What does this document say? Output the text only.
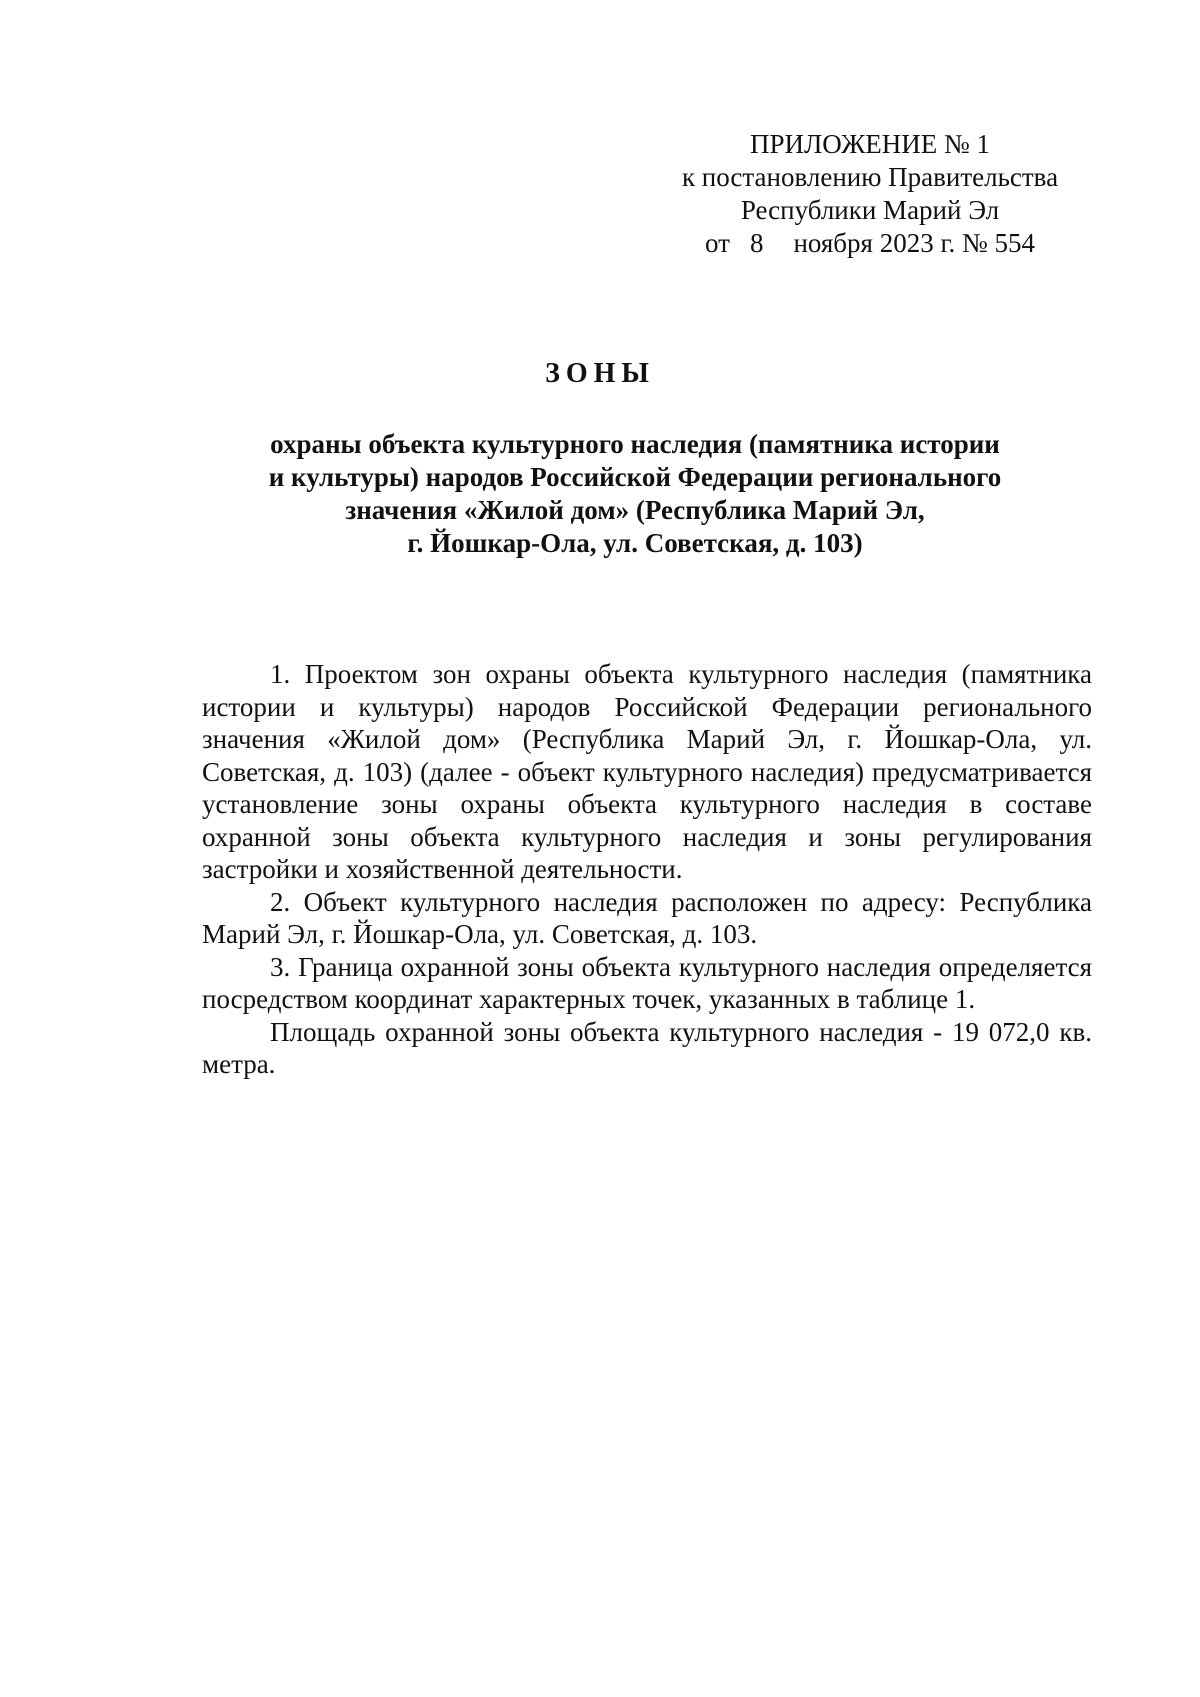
ПРИЛОЖЕНИЕ № 1
к постановлению Правительства
Республики Марий Эл
от 8 ноября 2023 г. № 554
ЗОНЫ
охраны объекта культурного наследия (памятника истории
и культуры) народов Российской Федерации регионального
значения «Жилой дом» (Республика Марий Эл,
г. Йошкар-Ола, ул. Советская, д. 103)

1. Проектом зон охраны объекта культурного наследия (памятника истории и культуры) народов Российской Федерации регионального значения «Жилой дом» (Республика Марий Эл, г. Йошкар-Ола, ул. Советская, д. 103) (далее - объект культурного наследия) предусматривается установление зоны охраны объекта культурного наследия в составе охранной зоны объекта культурного наследия и зоны регулирования застройки и хозяйственной деятельности.

2. Объект культурного наследия расположен по адресу: Республика Марий Эл, г. Йошкар-Ола, ул. Советская, д. 103.

3. Граница охранной зоны объекта культурного наследия определяется посредством координат характерных точек, указанных в таблице 1.

Площадь охранной зоны объекта культурного наследия - 19 072,0 кв. метра.
